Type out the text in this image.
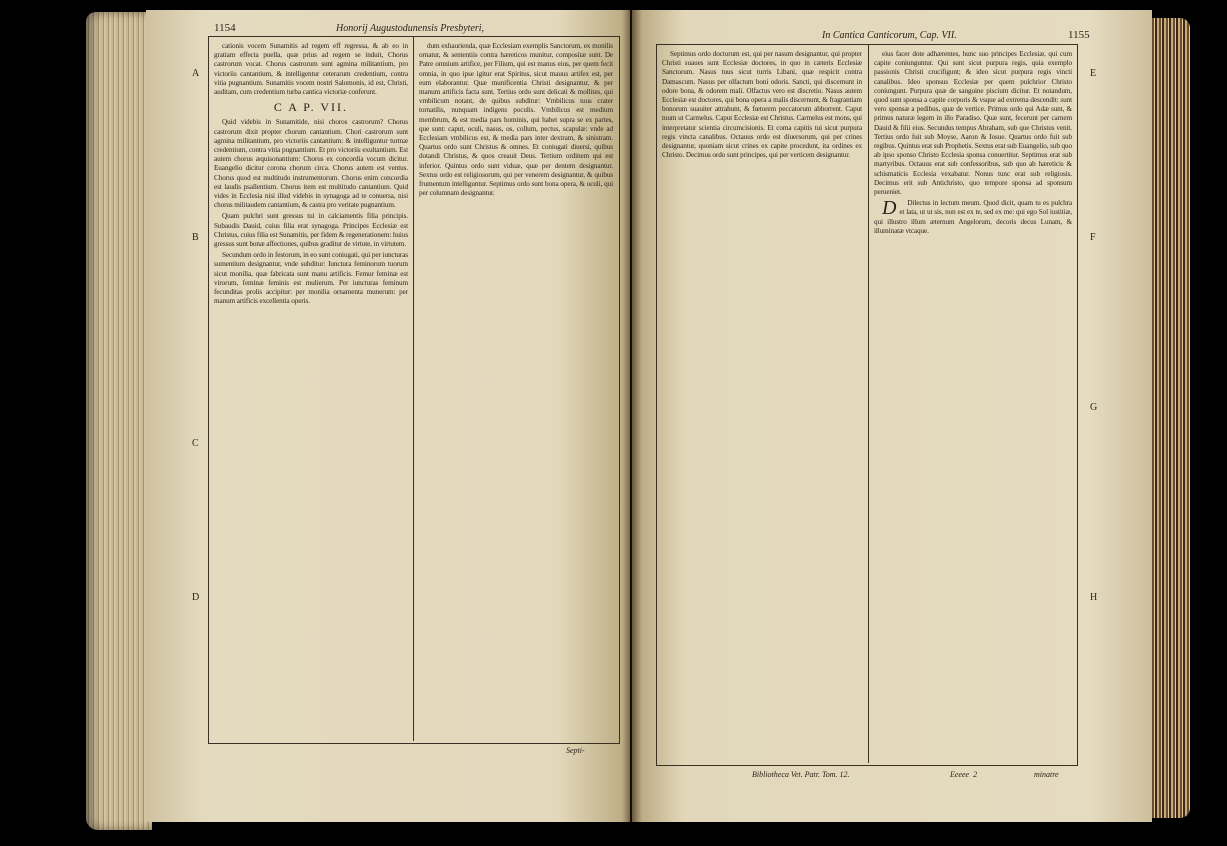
1154	Honorij Augustodunensis Presbyteri,
A
B
C
D

cationis vocem Sunamitis ad regem eff regressa, & ab eo in gratiam effecta puella, quæ prius ad regem se induit, Chorus castrorum vocat. Chorus castrorum sunt agmina militantium, pro victoriis cantantium, & intelligentur ceterarum credentium, contra vitia pugnantium. Sunamitis vocem nostri Salomonis, id est, Christi, auditam, cum credentium turba cantica victoriæ conferunt.

C A P. VII.

Quid videbis in Sunamitide, nisi choros castrorum? Chorus castrorum dixit propter chorum cantantium. Chori castrorum sunt agmina militantium, pro victoriis cantantium: & intelliguntur turmæ credentium, contra vitia pugnantium. Et pro victoriis exultantium. Est autem chorus æquisonantium: Chorus ex concordia vocum dicitur. Euangelio dicitur corona chorum circa. Chorus autem est ventus. Chorus quod est multitudo instrumentorum. Chorus enim concordia est laudis psallentium. Chorus item est multitudo cantantium. Quid vides in Ecclesia nisi illud videbis in synagoga ad te conuersa, nisi chorus militaudem cantantium, & castra pro veritate pugnantium.

Quam pulchri sunt gressus tui in calciamentis filia principis. Subaudis Dauid, cuius filia erat synagoga. Principes Ecclesiæ est Christus, cuius filia est Sunamitis, per fidem & regenerationem: huius gressus sunt bonæ affectiones, quibus graditur de virtute, in virtutem.

Secundum ordo in festorum, in eo sunt coniugati, qui per iuncturas sumentium designantur, vnde subditur: Iunctura feminorum tuorum sicut monilia, quæ fabricata sunt manu artificis. Femur feminæ est virorum, feminæ feminis est mulierum. Per iuncturas feminum fecunditas prolis accipitur: per monilia ornamenta munerum: per manum artificis excellentia operis.

dum exhaurienda, quæ Ecclesiam exemplis Sanctorum, ex monilis ornatur, & sententiis contra hæreticos munitur, compositæ sunt. De Patre omnium artifice, per Filium, qui est manus eius, per quem fecit omnia, in quo ipse igitur erat Spiritus, sicut mauus artifex est, per eum elaborantur. Quæ munificentia Christi designantur, & per manum artificis facta sunt. Tertius ordo sunt delicati & mollites, qui vmbilicum notant, de quibus subditur: Vmbilicus tuus crater tornatilis, nunquam indigens poculis. Vmbilicus est medium membrum, & est media pars hominis, qui habet supra se ex partes, que sunt: caput, oculi, nasus, os, collum, pectus, scapulæ: vnde ad Ecclesiam vmbilicus est, & media pars inter dextram, & sinistram. Quartus ordo sunt Christus & omnes. Et coniugati diuersi, quibus dotandi Christus, & quos creauit Deus. Tertium ordinem qui est inferior. Quintus ordo sunt viduæ, quæ per dentem designantur. Sextus ordo est religiosorum, qui per venerem designantur, & quibus frumentum intelliguntur. Septimus ordo sunt bona opera, & oculi, qui per columnam designantur.

Septi-
In Cantica Canticorum, Cap. VII.	1155
E
F
G
H

Septimus ordo doctorum est, qui per nasum designantur, qui propter Christi suaues sunt Ecclesiæ doctores, in quo in cæteris Ecclesiæ Sanctorum. Nasus tuus sicut turris Libani, quæ respicit contra Damascum. Nasus per olfactum boni odoris. Sancti, qui discernunt in odore bona, & odorem mali. Olfactus vero est discretio. Nasus autem Ecclesiæ est doctores, qui bona opera a malis discernunt, & fragrantiam bonorum suauiter attrahunt, & fœtorem peccatorum abhorrent. Caput tuum ut Carmelus. Caput Ecclesiæ est Christus. Carmelus est mons, qui interpretatur scientia circumcisionis. Et coma capitis tui sicut purpura regis vincta canalibus. Octauus ordo est diuersorum, qui per crines designantur, quoniam sicut crines ex capite procedunt, ita ordines ex Christo. Decimus ordo sunt principes, qui per verticem designantur.

eius facer dote adhærentes, hunc suo principes Ecclesiæ, qui cum capite coniunguntur. Qui sunt sicut purpura regis, quia exemplo passionis Christi crucifigunt; & ideo sicut purpura regis vincti canalibus. Ideo sponsus Ecclesiæ per quem pulchrior Christo coniungunt. Purpura quæ de sanguine piscium dicitur. Et notandum, quod sunt sponsa a capite corporis & vsque ad extrema descendit: sunt vero sponsæ a pedibus, quæ de vertice. Primus ordo qui Adæ sunt, & primus naturæ legem in illo Paradiso. Quæ sunt, fecerunt per carnem Dauid & filii eius. Secundus tempus Abraham, sub que Christus venit. Tertius ordo fuit sub Moyse, Aaron & Iosue. Quartus ordo fuit sub regibus. Quintus erat sub Prophetis. Sextus erat sub Euangelio, sub quo ab ipso sponso Christo Ecclesia sponsa conuertitur. Septimus erat sub martyribus. Octauus erat sub confessoribus, sub quo ab hæreticis & schismaticis Ecclesia vexabatur. Nonus tunc erat sub religiosis. Decimus erit sub Antichristo, quo tempore sponsa ad sponsum perueniet.

D Dilectus in lectum meum. Quod dicit, quam tu es pulchra et lata, ut ut sis, non est ex te, sed ex me: qui ego Sol iustitiæ, qui illustro illum æternum Angelorum, decoris decus Lunam, & illuminatæ vtcaque.

Bibliotheca Vet. Patr. Tom. 12.	Eeeee 2	minatre
